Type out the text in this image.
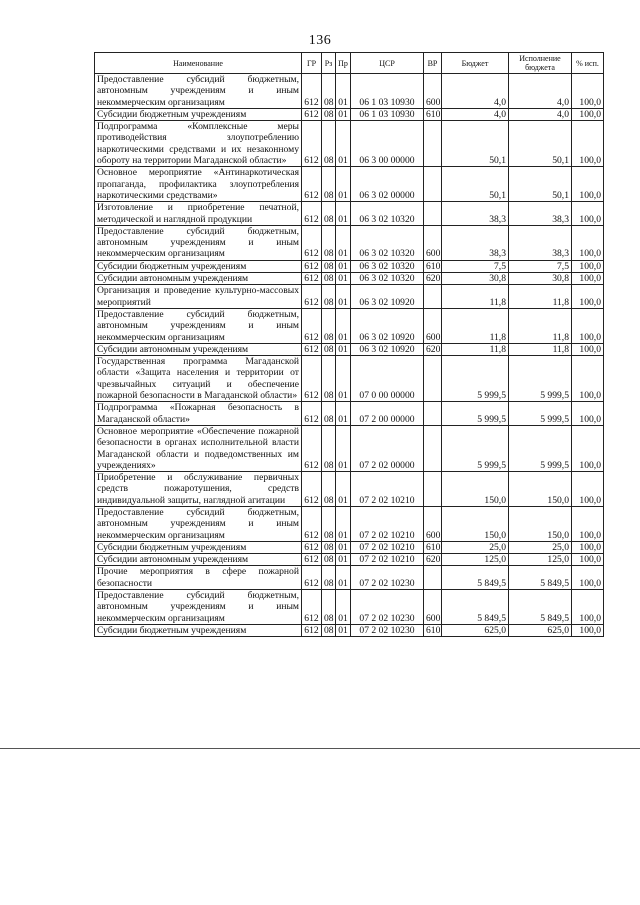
136
Наименование	ГР	Рз	Пр	ЦСР	ВР	Бюджет	Исполнение бюджета	% исп.
Предоставление субсидий бюджетным, автономным учреждениям и иным некоммерческим организациям	612	08	01	06 1 03 10930	600	4,0	4,0	100,0
Субсидии бюджетным учреждениям	612	08	01	06 1 03 10930	610	4,0	4,0	100,0
Подпрограмма «Комплексные меры противодействия злоупотреблению наркотическими средствами и их незаконному обороту на территории Магаданской области»	612	08	01	06 3 00 00000		50,1	50,1	100,0
Основное мероприятие «Антинаркотическая пропаганда, профилактика злоупотребления наркотическими средствами»	612	08	01	06 3 02 00000		50,1	50,1	100,0
Изготовление и приобретение печатной, методической и наглядной продукции	612	08	01	06 3 02 10320		38,3	38,3	100,0
Предоставление субсидий бюджетным, автономным учреждениям и иным некоммерческим организациям	612	08	01	06 3 02 10320	600	38,3	38,3	100,0
Субсидии бюджетным учреждениям	612	08	01	06 3 02 10320	610	7,5	7,5	100,0
Субсидии автономным учреждениям	612	08	01	06 3 02 10320	620	30,8	30,8	100,0
Организация и проведение культурно-массовых мероприятий	612	08	01	06 3 02 10920		11,8	11,8	100,0
Предоставление субсидий бюджетным, автономным учреждениям и иным некоммерческим организациям	612	08	01	06 3 02 10920	600	11,8	11,8	100,0
Субсидии автономным учреждениям	612	08	01	06 3 02 10920	620	11,8	11,8	100,0
Государственная программа Магаданской области «Защита населения и территории от чрезвычайных ситуаций и обеспечение пожарной безопасности в Магаданской области»	612	08	01	07 0 00 00000		5 999,5	5 999,5	100,0
Подпрограмма «Пожарная безопасность в Магаданской области»	612	08	01	07 2 00 00000		5 999,5	5 999,5	100,0
Основное мероприятие «Обеспечение пожарной безопасности в органах исполнительной власти Магаданской области и подведомственных им учреждениях»	612	08	01	07 2 02 00000		5 999,5	5 999,5	100,0
Приобретение и обслуживание первичных средств пожаротушения, средств индивидуальной защиты, наглядной агитации	612	08	01	07 2 02 10210		150,0	150,0	100,0
Предоставление субсидий бюджетным, автономным учреждениям и иным некоммерческим организациям	612	08	01	07 2 02 10210	600	150,0	150,0	100,0
Субсидии бюджетным учреждениям	612	08	01	07 2 02 10210	610	25,0	25,0	100,0
Субсидии автономным учреждениям	612	08	01	07 2 02 10210	620	125,0	125,0	100,0
Прочие мероприятия в сфере пожарной безопасности	612	08	01	07 2 02 10230		5 849,5	5 849,5	100,0
Предоставление субсидий бюджетным, автономным учреждениям и иным некоммерческим организациям	612	08	01	07 2 02 10230	600	5 849,5	5 849,5	100,0
Субсидии бюджетным учреждениям	612	08	01	07 2 02 10230	610	625,0	625,0	100,0
